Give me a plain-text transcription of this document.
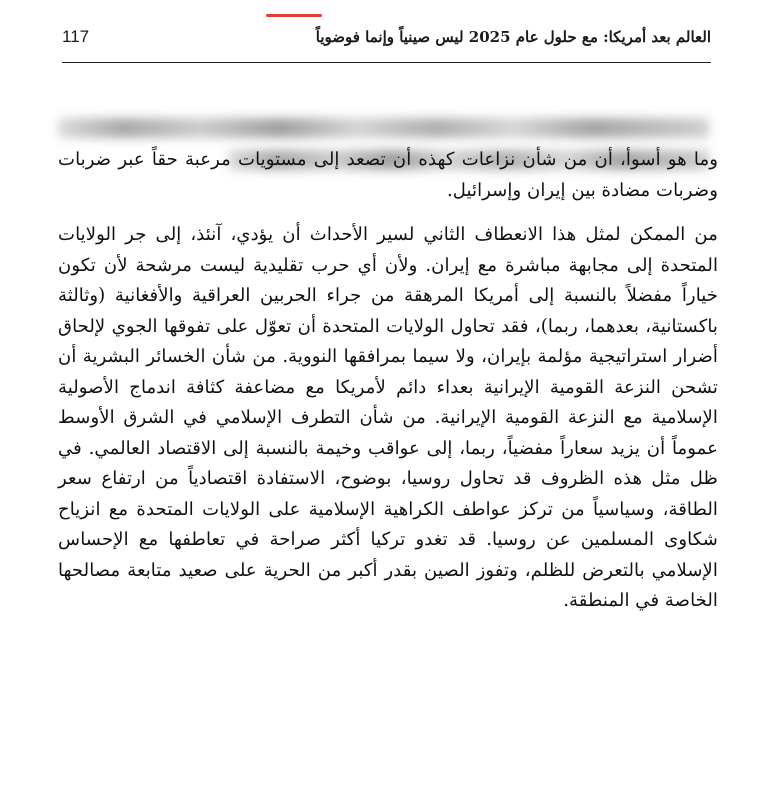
العالم بعد أمريكا: مع حلول عام 2025 ليس صينياً وإنما فوضوياً
117

وما هو أسوأ، أن من شأن نزاعات كهذه أن تصعد إلى مستويات مرعبة حقاً عبر ضربات وضربات مضادة بين إيران وإسرائيل.

من الممكن لمثل هذا الانعطاف الثاني لسير الأحداث أن يؤدي، آنئذ، إلى جر الولايات المتحدة إلى مجابهة مباشرة مع إيران. ولأن أي حرب تقليدية ليست مرشحة لأن تكون خياراً مفضلاً بالنسبة إلى أمريكا المرهقة من جراء الحربين العراقية والأفغانية (وثالثة باكستانية، بعدهما، ربما)، فقد تحاول الولايات المتحدة أن تعوّل على تفوقها الجوي لإلحاق أضرار استراتيجية مؤلمة بإيران، ولا سيما بمرافقها النووية. من شأن الخسائر البشرية أن تشحن النزعة القومية الإيرانية بعداء دائم لأمريكا مع مضاعفة كثافة اندماج الأصولية الإسلامية مع النزعة القومية الإيرانية. من شأن التطرف الإسلامي في الشرق الأوسط عموماً أن يزيد سعاراً مفضياً، ربما، إلى عواقب وخيمة بالنسبة إلى الاقتصاد العالمي. في ظل مثل هذه الظروف قد تحاول روسيا، بوضوح، الاستفادة اقتصادياً من ارتفاع سعر الطاقة، وسياسياً من تركز عواطف الكراهية الإسلامية على الولايات المتحدة مع انزياح شكاوى المسلمين عن روسيا. قد تغدو تركيا أكثر صراحة في تعاطفها مع الإحساس الإسلامي بالتعرض للظلم، وتفوز الصين بقدر أكبر من الحرية على صعيد متابعة مصالحها الخاصة في المنطقة.
